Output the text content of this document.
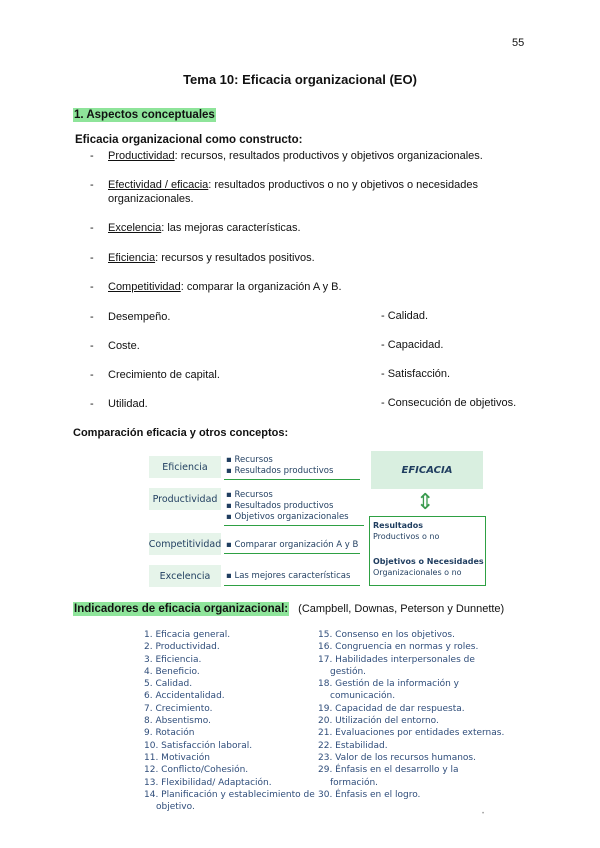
55
Tema 10: Eficacia organizacional (EO)
1. Aspectos conceptuales
Eficacia organizacional como constructo:
- Productividad: recursos, resultados productivos y objetivos organizacionales.
- Efectividad / eficacia: resultados productivos o no y objetivos o necesidades
organizacionales.
- Excelencia: las mejoras características.
- Eficiencia: recursos y resultados positivos.
- Competitividad: comparar la organización A y B.
- Desempeño.
- Coste.
- Crecimiento de capital.
- Utilidad.
- Calidad.
- Capacidad.
- Satisfacción.
- Consecución de objetivos.
Comparación eficacia y otros conceptos:
Eficiencia
▪ Recursos
▪ Resultados productivos
Productividad	▪ Recursos
▪ Resultados productivos
▪ Objetivos organizacionales
Competitividad ▪ Comparar organización A y B
Excelencia	▪ Las mejores características
EFICACIA
⇕
Resultados
Productivos o no
Objetivos o Necesidades
Organizacionales o no
Indicadores de eficacia organizacional: (Campbell, Downas, Peterson y Dunnette)
1. Eficacia general.
2. Productividad.
3. Eficiencia.
4. Beneficio.
5. Calidad.
6. Accidentalidad.
7. Crecimiento.
8. Absentismo.
9. Rotación
10. Satisfacción laboral.
11. Motivación
12. Conflicto/Cohesión.
13. Flexibilidad/ Adaptación.
14. Planificación y establecimiento de
objetivo.
15. Consenso en los objetivos.
16. Congruencia en normas y roles.
17. Habilidades interpersonales de
gestión.
18. Gestión de la información y
comunicación.
19. Capacidad de dar respuesta.
20. Utilización del entorno.
21. Evaluaciones por entidades externas.
22. Estabilidad.
23. Valor de los recursos humanos.
29. Énfasis en el desarrollo y la
formación.
30. Énfasis en el logro.
•
